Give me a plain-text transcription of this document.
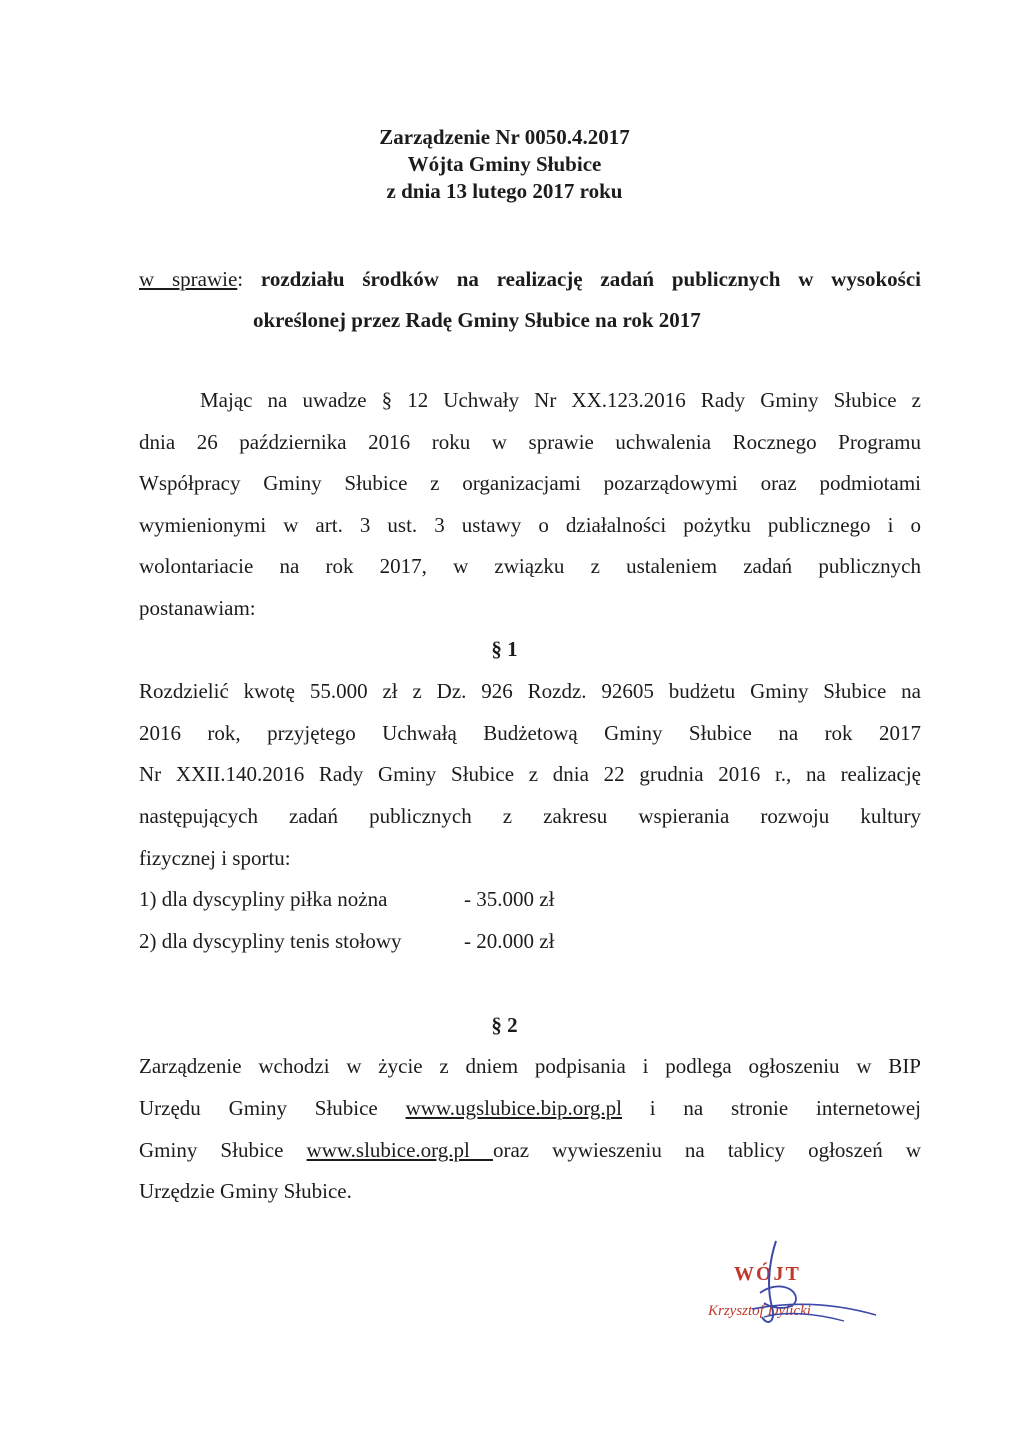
Zarządzenie Nr 0050.4.2017
Wójta Gminy Słubice
z dnia 13 lutego 2017 roku
w sprawie: rozdziału środków na realizację zadań publicznych w wysokości
określonej przez Radę Gminy Słubice na rok 2017
Mając na uwadze § 12 Uchwały Nr XX.123.2016 Rady Gminy Słubice z
dnia 26 października 2016 roku w sprawie uchwalenia Rocznego Programu
Współpracy Gminy Słubice z organizacjami pozarządowymi oraz podmiotami
wymienionymi w art. 3 ust. 3 ustawy o działalności pożytku publicznego i o
wolontariacie na rok 2017, w związku z ustaleniem zadań publicznych
postanawiam:
§ 1
Rozdzielić kwotę 55.000 zł z Dz. 926 Rozdz. 92605 budżetu Gminy Słubice na
2016 rok, przyjętego Uchwałą Budżetową Gminy Słubice na rok 2017
Nr XXII.140.2016 Rady Gminy Słubice z dnia 22 grudnia 2016 r., na realizację
następujących zadań publicznych z zakresu wspierania rozwoju kultury
fizycznej i sportu:
1) dla dyscypliny piłka nożna	- 35.000 zł
2) dla dyscypliny tenis stołowy	- 20.000 zł
§ 2
Zarządzenie wchodzi w życie z dniem podpisania i podlega ogłoszeniu w BIP
Urzędu Gminy Słubice www.ugslubice.bip.org.pl i na stronie internetowej
Gminy Słubice www.slubice.org.pl oraz wywieszeniu na tablicy ogłoszeń w
Urzędzie Gminy Słubice.
WÓJT
Krzysztof Dylicki
